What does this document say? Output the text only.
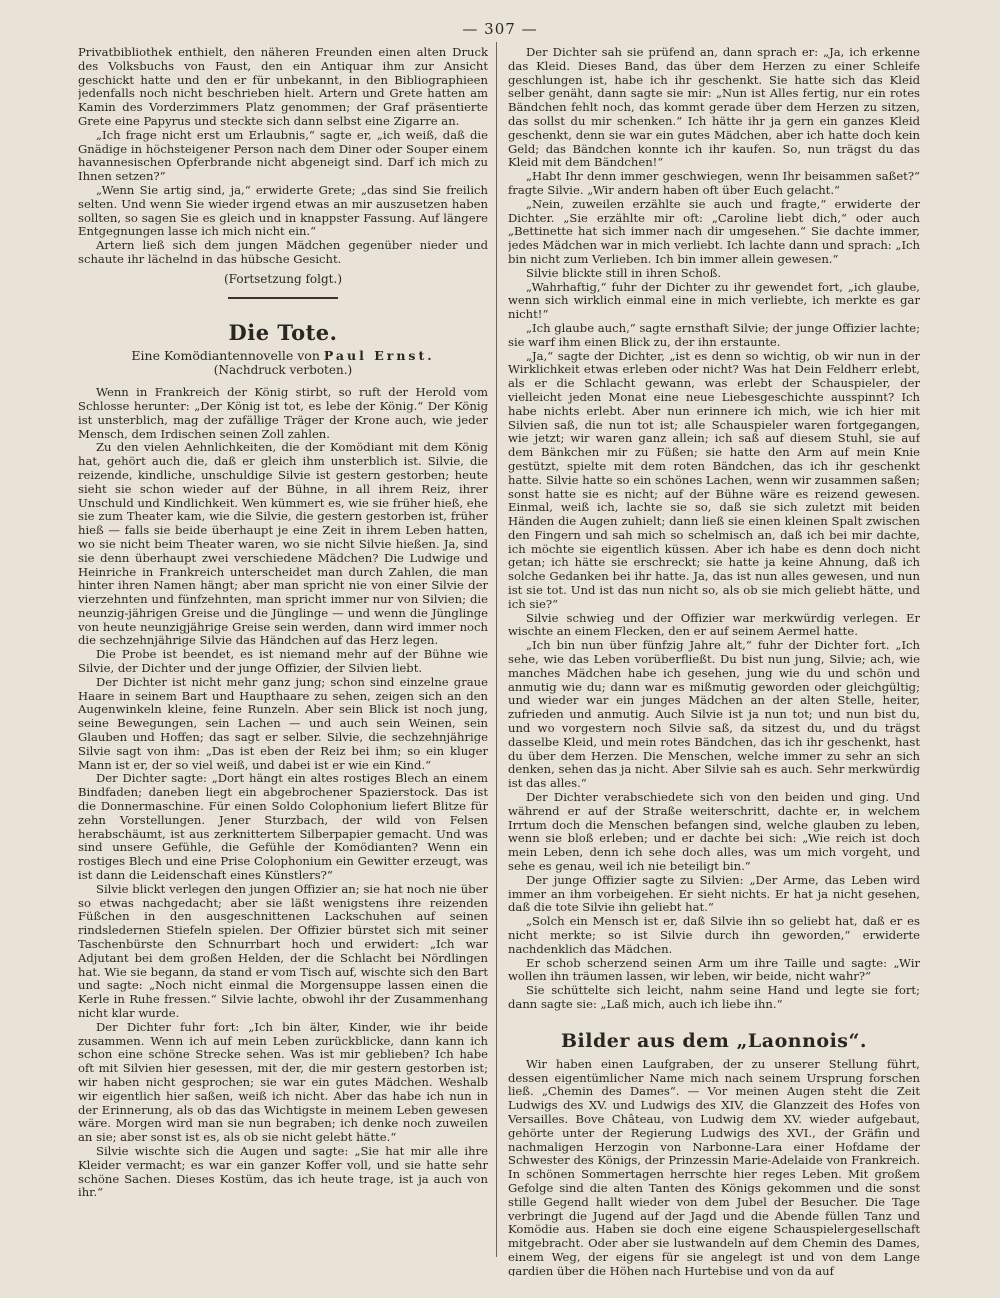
— 307 —

Privatbibliothek enthielt, den näheren Freunden einen alten Druck des Volksbuchs von Faust, den ein Antiquar ihm zur Ansicht geschickt hatte und den er für unbekannt, in den Bibliographieen jedenfalls noch nicht beschrieben hielt. Artern und Grete hatten am Kamin des Vorderzimmers Platz genommen; der Graf präsentierte Grete eine Papyrus und steckte sich dann selbst eine Zigarre an.

„Ich frage nicht erst um Erlaubnis,“ sagte er, „ich weiß, daß die Gnädige in höchsteigener Person nach dem Diner oder Souper einem havannesischen Opferbrande nicht abgeneigt sind. Darf ich mich zu Ihnen setzen?“

„Wenn Sie artig sind, ja,“ erwiderte Grete; „das sind Sie freilich selten. Und wenn Sie wieder irgend etwas an mir auszusetzen haben sollten, so sagen Sie es gleich und in knappster Fassung. Auf längere Entgegnungen lasse ich mich nicht ein.“

Artern ließ sich dem jungen Mädchen gegenüber nieder und schaute ihr lächelnd in das hübsche Gesicht.

(Fortsetzung folgt.)

Die Tote.
Eine Komödiantennovelle von Paul Ernst.
(Nachdruck verboten.)

Wenn in Frankreich der König stirbt, so ruft der Herold vom Schlosse herunter: „Der König ist tot, es lebe der König.“ Der König ist unsterblich, mag der zufällige Träger der Krone auch, wie jeder Mensch, dem Irdischen seinen Zoll zahlen.

Zu den vielen Aehnlichkeiten, die der Komödiant mit dem König hat, gehört auch die, daß er gleich ihm unsterblich ist. Silvie, die reizende, kindliche, unschuldige Silvie ist gestern gestorben; heute sieht sie schon wieder auf der Bühne, in all ihrem Reiz, ihrer Unschuld und Kindlichkeit. Wen kümmert es, wie sie früher hieß, ehe sie zum Theater kam, wie die Silvie, die gestern gestorben ist, früher hieß — falls sie beide überhaupt je eine Zeit in ihrem Leben hatten, wo sie nicht beim Theater waren, wo sie nicht Silvie hießen. Ja, sind sie denn überhaupt zwei verschiedene Mädchen? Die Ludwige und Heinriche in Frankreich unterscheidet man durch Zahlen, die man hinter ihren Namen hängt; aber man spricht nie von einer Silvie der vierzehnten und fünfzehnten, man spricht immer nur von Silvien; die neunzig-jährigen Greise und die Jünglinge — und wenn die Jünglinge von heute neunzigjährige Greise sein werden, dann wird immer noch die sechzehnjährige Silvie das Händchen auf das Herz legen.

Die Probe ist beendet, es ist niemand mehr auf der Bühne wie Silvie, der Dichter und der junge Offizier, der Silvien liebt.

Der Dichter ist nicht mehr ganz jung; schon sind einzelne graue Haare in seinem Bart und Haupthaare zu sehen, zeigen sich an den Augenwinkeln kleine, feine Runzeln. Aber sein Blick ist noch jung, seine Bewegungen, sein Lachen — und auch sein Weinen, sein Glauben und Hoffen; das sagt er selber. Silvie, die sechzehnjährige Silvie sagt von ihm: „Das ist eben der Reiz bei ihm; so ein kluger Mann ist er, der so viel weiß, und dabei ist er wie ein Kind.“

Der Dichter sagte: „Dort hängt ein altes rostiges Blech an einem Bindfaden; daneben liegt ein abgebrochener Spazierstock. Das ist die Donnermaschine. Für einen Soldo Colophonium liefert Blitze für zehn Vorstellungen. Jener Sturzbach, der wild von Felsen herabschäumt, ist aus zerknittertem Silberpapier gemacht. Und was sind unsere Gefühle, die Gefühle der Komödianten? Wenn ein rostiges Blech und eine Prise Colophonium ein Gewitter erzeugt, was ist dann die Leidenschaft eines Künstlers?“

Silvie blickt verlegen den jungen Offizier an; sie hat noch nie über so etwas nachgedacht; aber sie läßt wenigstens ihre reizenden Füßchen in den ausgeschnittenen Lackschuhen auf seinen rindsledernen Stiefeln spielen. Der Offizier bürstet sich mit seiner Taschenbürste den Schnurrbart hoch und erwidert: „Ich war Adjutant bei dem großen Helden, der die Schlacht bei Nördlingen hat. Wie sie begann, da stand er vom Tisch auf, wischte sich den Bart und sagte: „Noch nicht einmal die Morgensuppe lassen einen die Kerle in Ruhe fressen.“ Silvie lachte, obwohl ihr der Zusammenhang nicht klar wurde.

Der Dichter fuhr fort: „Ich bin älter, Kinder, wie ihr beide zusammen. Wenn ich auf mein Leben zurückblicke, dann kann ich schon eine schöne Strecke sehen. Was ist mir geblieben? Ich habe oft mit Silvien hier gesessen, mit der, die mir gestern gestorben ist; wir haben nicht gesprochen; sie war ein gutes Mädchen. Weshalb wir eigentlich hier saßen, weiß ich nicht. Aber das habe ich nun in der Erinnerung, als ob das das Wichtigste in meinem Leben gewesen wäre. Morgen wird man sie nun begraben; ich denke noch zuweilen an sie; aber sonst ist es, als ob sie nicht gelebt hätte.“

Silvie wischte sich die Augen und sagte: „Sie hat mir alle ihre Kleider vermacht; es war ein ganzer Koffer voll, und sie hatte sehr schöne Sachen. Dieses Kostüm, das ich heute trage, ist ja auch von ihr.“

Der Dichter sah sie prüfend an, dann sprach er: „Ja, ich erkenne das Kleid. Dieses Band, das über dem Herzen zu einer Schleife geschlungen ist, habe ich ihr geschenkt. Sie hatte sich das Kleid selber genäht, dann sagte sie mir: „Nun ist Alles fertig, nur ein rotes Bändchen fehlt noch, das kommt gerade über dem Herzen zu sitzen, das sollst du mir schenken.“ Ich hätte ihr ja gern ein ganzes Kleid geschenkt, denn sie war ein gutes Mädchen, aber ich hatte doch kein Geld; das Bändchen konnte ich ihr kaufen. So, nun trägst du das Kleid mit dem Bändchen!“

„Habt Ihr denn immer geschwiegen, wenn Ihr beisammen saßet?“ fragte Silvie. „Wir andern haben oft über Euch gelacht.“

„Nein, zuweilen erzählte sie auch und fragte,“ erwiderte der Dichter. „Sie erzählte mir oft: „Caroline liebt dich,“ oder auch „Bettinette hat sich immer nach dir umgesehen.“ Sie dachte immer, jedes Mädchen war in mich verliebt. Ich lachte dann und sprach: „Ich bin nicht zum Verlieben. Ich bin immer allein gewesen.“

Silvie blickte still in ihren Schoß.

„Wahrhaftig,“ fuhr der Dichter zu ihr gewendet fort, „ich glaube, wenn sich wirklich einmal eine in mich verliebte, ich merkte es gar nicht!“

„Ich glaube auch,“ sagte ernsthaft Silvie; der junge Offizier lachte; sie warf ihm einen Blick zu, der ihn erstaunte.

„Ja,“ sagte der Dichter, „ist es denn so wichtig, ob wir nun in der Wirklichkeit etwas erleben oder nicht? Was hat Dein Feldherr erlebt, als er die Schlacht gewann, was erlebt der Schauspieler, der vielleicht jeden Monat eine neue Liebesgeschichte ausspinnt? Ich habe nichts erlebt. Aber nun erinnere ich mich, wie ich hier mit Silvien saß, die nun tot ist; alle Schauspieler waren fortgegangen, wie jetzt; wir waren ganz allein; ich saß auf diesem Stuhl, sie auf dem Bänkchen mir zu Füßen; sie hatte den Arm auf mein Knie gestützt, spielte mit dem roten Bändchen, das ich ihr geschenkt hatte. Silvie hatte so ein schönes Lachen, wenn wir zusammen saßen; sonst hatte sie es nicht; auf der Bühne wäre es reizend gewesen. Einmal, weiß ich, lachte sie so, daß sie sich zuletzt mit beiden Händen die Augen zuhielt; dann ließ sie einen kleinen Spalt zwischen den Fingern und sah mich so schelmisch an, daß ich bei mir dachte, ich möchte sie eigentlich küssen. Aber ich habe es denn doch nicht getan; ich hätte sie erschreckt; sie hatte ja keine Ahnung, daß ich solche Gedanken bei ihr hatte. Ja, das ist nun alles gewesen, und nun ist sie tot. Und ist das nun nicht so, als ob sie mich geliebt hätte, und ich sie?“

Silvie schwieg und der Offizier war merkwürdig verlegen. Er wischte an einem Flecken, den er auf seinem Aermel hatte.

„Ich bin nun über fünfzig Jahre alt,“ fuhr der Dichter fort. „Ich sehe, wie das Leben vorüberfließt. Du bist nun jung, Silvie; ach, wie manches Mädchen habe ich gesehen, jung wie du und schön und anmutig wie du; dann war es mißmutig geworden oder gleichgültig; und wieder war ein junges Mädchen an der alten Stelle, heiter, zufrieden und anmutig. Auch Silvie ist ja nun tot; und nun bist du, und wo vorgestern noch Silvie saß, da sitzest du, und du trägst dasselbe Kleid, und mein rotes Bändchen, das ich ihr geschenkt, hast du über dem Herzen. Die Menschen, welche immer zu sehr an sich denken, sehen das ja nicht. Aber Silvie sah es auch. Sehr merkwürdig ist das alles.“

Der Dichter verabschiedete sich von den beiden und ging. Und während er auf der Straße weiterschritt, dachte er, in welchem Irrtum doch die Menschen befangen sind, welche glauben zu leben, wenn sie bloß erleben; und er dachte bei sich: „Wie reich ist doch mein Leben, denn ich sehe doch alles, was um mich vorgeht, und sehe es genau, weil ich nie beteiligt bin.“

Der junge Offizier sagte zu Silvien: „Der Arme, das Leben wird immer an ihm vorbeigehen. Er sieht nichts. Er hat ja nicht gesehen, daß die tote Silvie ihn geliebt hat.“

„Solch ein Mensch ist er, daß Silvie ihn so geliebt hat, daß er es nicht merkte; so ist Silvie durch ihn geworden,“ erwiderte nachdenklich das Mädchen.

Er schob scherzend seinen Arm um ihre Taille und sagte: „Wir wollen ihn träumen lassen, wir leben, wir beide, nicht wahr?“

Sie schüttelte sich leicht, nahm seine Hand und legte sie fort; dann sagte sie: „Laß mich, auch ich liebe ihn.“

Bilder aus dem „Laonnois“.

Wir haben einen Laufgraben, der zu unserer Stellung führt, dessen eigentümlicher Name mich nach seinem Ursprung forschen ließ. „Chemin des Dames“. — Vor meinen Augen steht die Zeit Ludwigs des XV. und Ludwigs des XIV, die Glanzzeit des Hofes von Versailles. Bove Château, von Ludwig dem XV. wieder aufgebaut, gehörte unter der Regierung Ludwigs des XVI., der Gräfin und nachmaligen Herzogin von Narbonne-Lara einer Hofdame der Schwester des Königs, der Prinzessin Marie-Adelaide von Frankreich. In schönen Sommertagen herrschte hier reges Leben. Mit großem Gefolge sind die alten Tanten des Königs gekommen und die sonst stille Gegend hallt wieder von dem Jubel der Besucher. Die Tage verbringt die Jugend auf der Jagd und die Abende füllen Tanz und Komödie aus. Haben sie doch eine eigene Schauspielergesellschaft mitgebracht. Oder aber sie lustwandeln auf dem Chemin des Dames, einem Weg, der eigens für sie angelegt ist und von dem Lange gardien über die Höhen nach Hurtebise und von da auf
